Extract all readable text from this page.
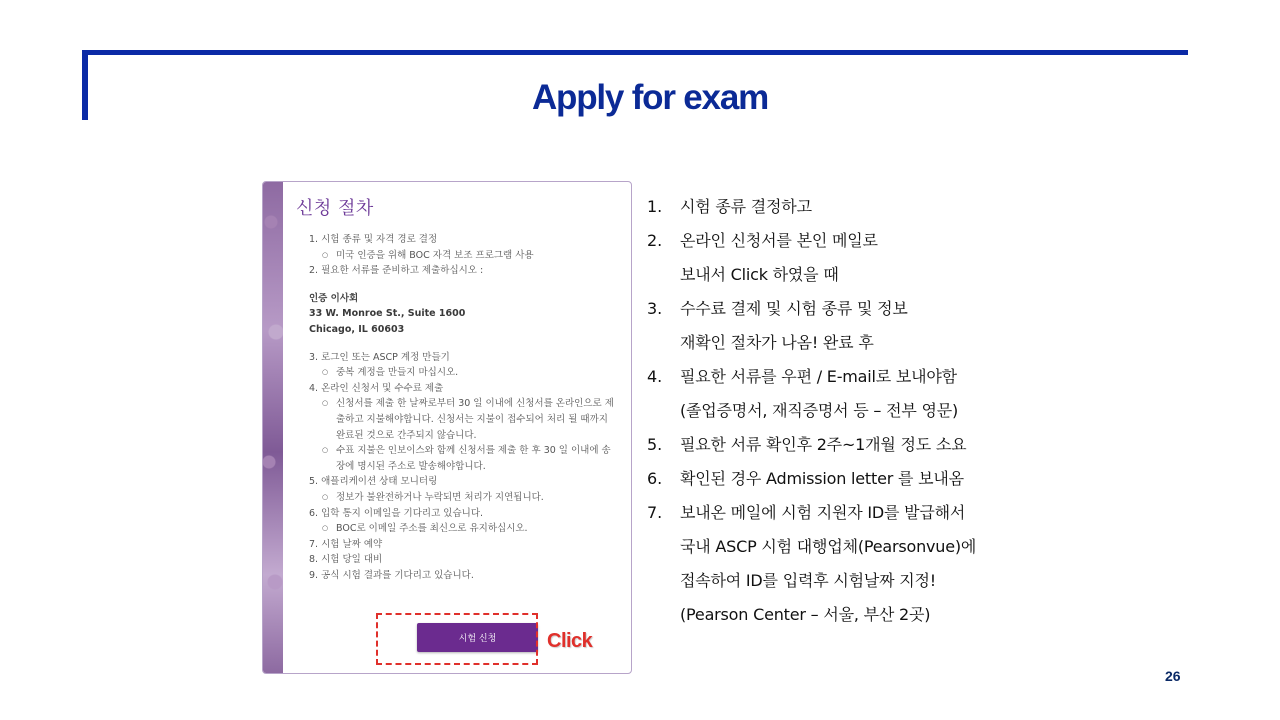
Apply for exam
신청 절차
1. 시험 종류 및 자격 경로 결정
○ 미국 인증을 위해 BOC 자격 보조 프로그램 사용
2. 필요한 서류를 준비하고 제출하십시오 :
인증 이사회
33 W. Monroe St., Suite 1600
Chicago, IL 60603
3. 로그인 또는 ASCP 계정 만들기
○ 중복 계정을 만들지 마십시오.
4. 온라인 신청서 및 수수료 제출
○ 신청서를 제출 한 날짜로부터 30 일 이내에 신청서를 온라인으로 제출하고 지불해야합니다. 신청서는 지불이 접수되어 처리 될 때까지 완료된 것으로 간주되지 않습니다.
○ 수표 지불은 인보이스와 함께 신청서를 제출 한 후 30 일 이내에 송장에 명시된 주소로 발송해야합니다.
5. 애플리케이션 상태 모니터링
○ 정보가 불완전하거나 누락되면 처리가 지연됩니다.
6. 입학 통지 이메일을 기다리고 있습니다.
○ BOC로 이메일 주소를 최신으로 유지하십시오.
7. 시험 날짜 예약
8. 시험 당일 대비
9. 공식 시험 결과를 기다리고 있습니다.
시험 신청	Click
1.	시험 종류 결정하고
2.	온라인 신청서를 본인 메일로
보내서 Click 하였을 때
3.	수수료 결제 및 시험 종류 및 정보
재확인 절차가 나옴! 완료 후
4.	필요한 서류를 우편 / E-mail로 보내야함
(졸업증명서, 재직증명서 등 – 전부 영문)
5.	필요한 서류 확인후 2주~1개월 정도 소요
6.	확인된 경우 Admission letter 를 보내옴
7.	보내온 메일에 시험 지원자 ID를 발급해서
국내 ASCP 시험 대행업체(Pearsonvue)에
접속하여 ID를 입력후 시험날짜 지정!
(Pearson Center – 서울, 부산 2곳)
26
